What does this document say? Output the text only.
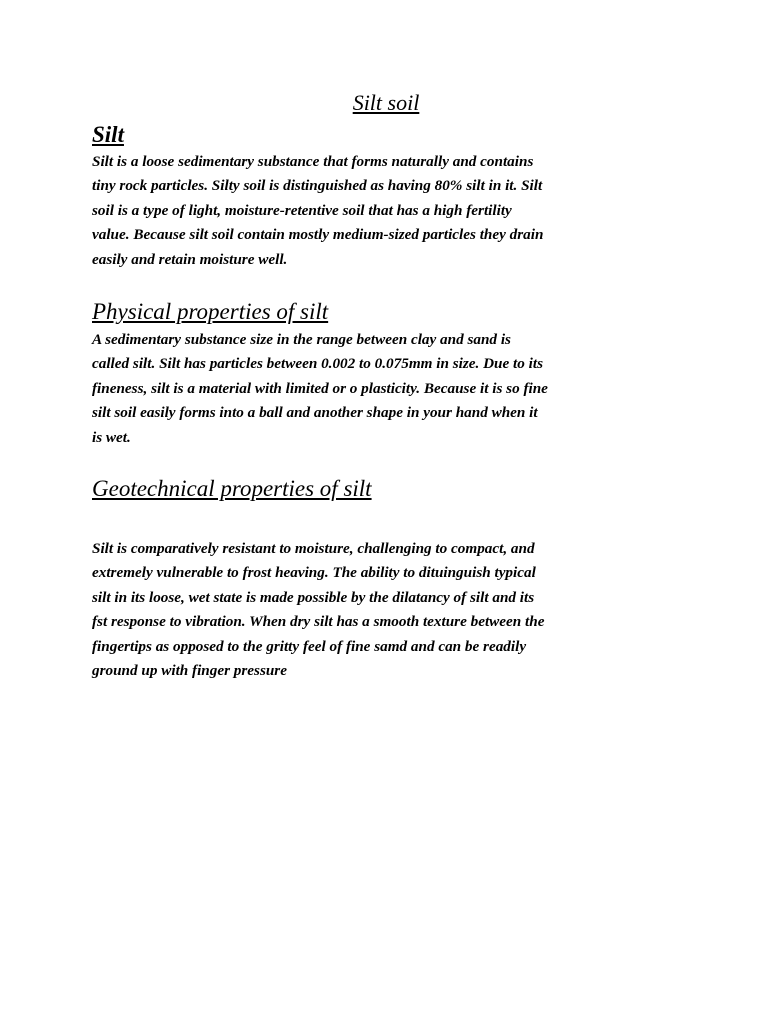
Silt soil
Silt

Silt is a loose sedimentary substance that forms naturally and contains
tiny rock particles. Silty soil is distinguished as having 80% silt in it. Silt
soil is a type of light, moisture-retentive soil that has a high fertility
value. Because silt soil contain mostly medium-sized particles they drain
easily and retain moisture well.

Physical properties of silt

A sedimentary substance size in the range between clay and sand is
called silt. Silt has particles between 0.002 to 0.075mm in size. Due to its
fineness, silt is a material with limited or o plasticity. Because it is so fine
silt soil easily forms into a ball and another shape in your hand when it
is wet.

Geotechnical properties of silt

Silt is comparatively resistant to moisture, challenging to compact, and
extremely vulnerable to frost heaving. The ability to dituinguish typical
silt in its loose, wet state is made possible by the dilatancy of silt and its
fst response to vibration. When dry silt has a smooth texture between the
fingertips as opposed to the gritty feel of fine samd and can be readily
ground up with finger pressure
